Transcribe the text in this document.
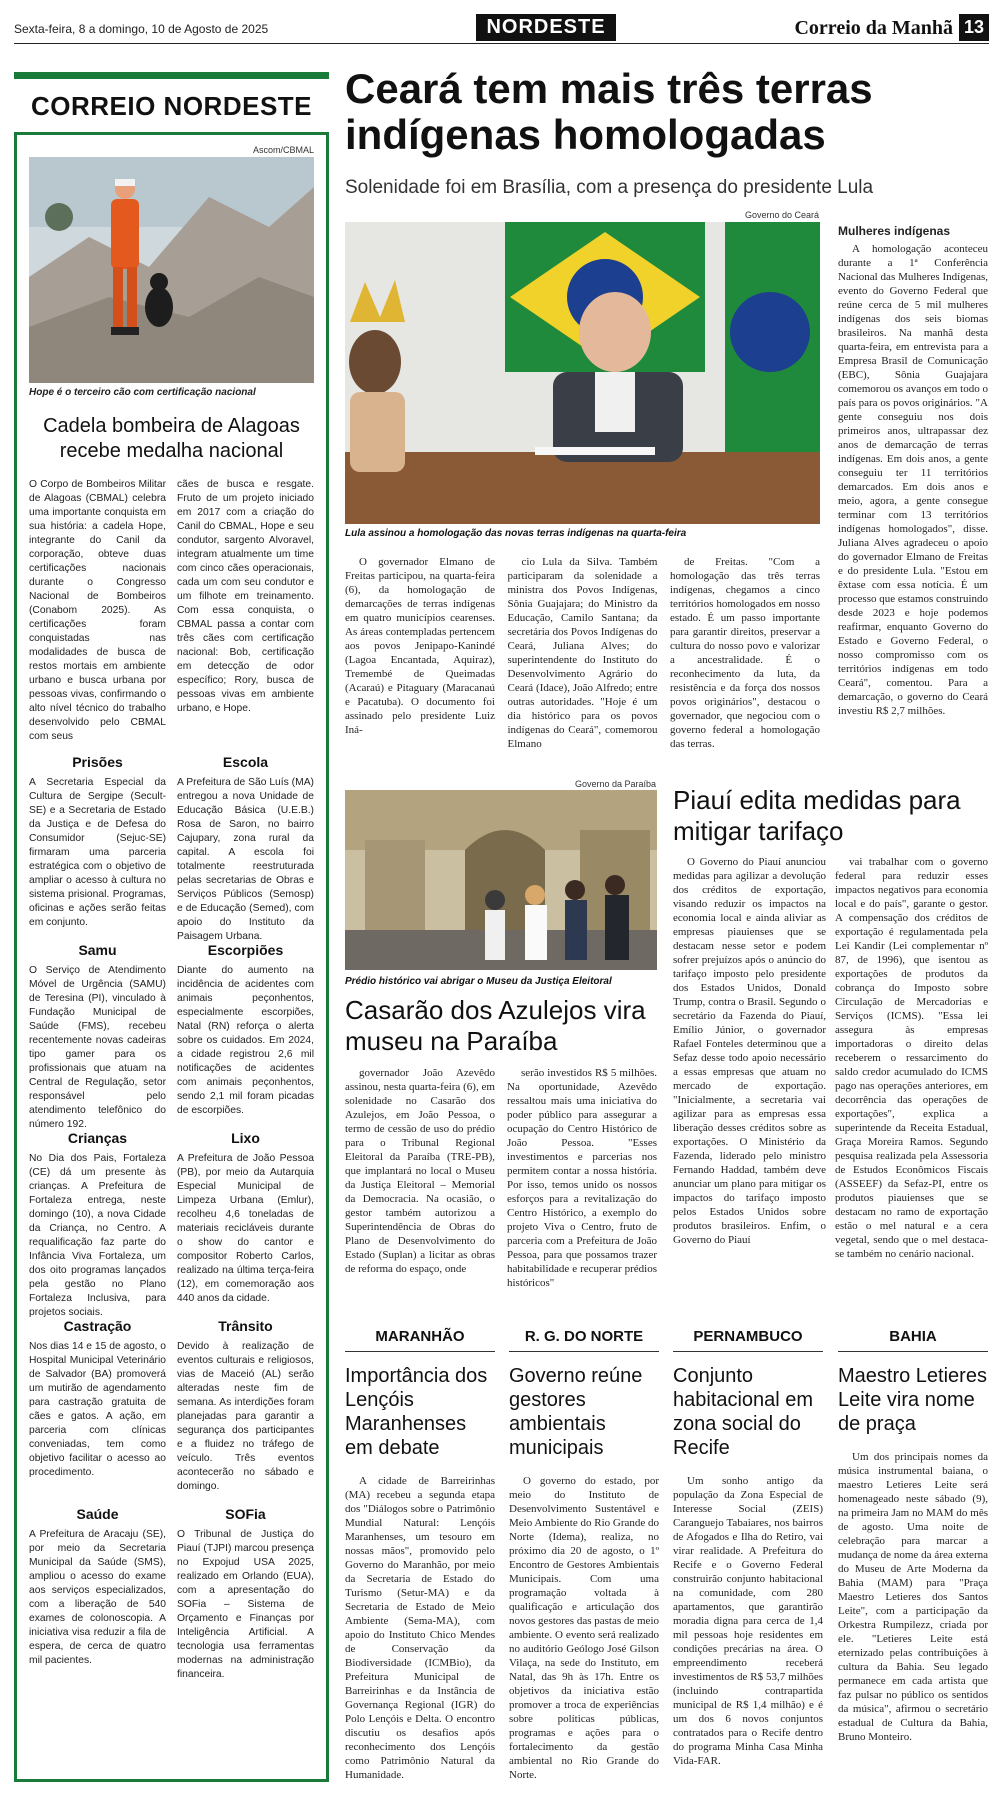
Sexta-feira, 8 a domingo, 10 de Agosto de 2025	NORDESTE	Correio da Manhã 13
CORREIO NORDESTE
Ascom/CBMAL
Hope é o terceiro cão com certificação nacional
Cadela bombeira de Alagoas recebe medalha nacional
O Corpo de Bombeiros Militar de Alagoas (CBMAL) celebra uma importante conquista em sua história: a cadela Hope, integrante do Canil da corporação, obteve duas certificações nacionais durante o Congresso Nacional de Bombeiros (Conabom 2025). As certificações foram conquistadas nas modalidades de busca de restos mortais em ambiente urbano e busca urbana por pessoas vivas, confirmando o alto nível técnico do trabalho desenvolvido pelo CBMAL com seus
cães de busca e resgate. Fruto de um projeto iniciado em 2017 com a criação do Canil do CBMAL, Hope e seu condutor, sargento Alvoravel, integram atualmente um time com cinco cães operacionais, cada um com seu condutor e um filhote em treinamento. Com essa conquista, o CBMAL passa a contar com três cães com certificação nacional: Bob, certificação em detecção de odor específico; Rory, busca de pessoas vivas em ambiente urbano, e Hope.
Prisões
A Secretaria Especial da Cultura de Sergipe (Secult-SE) e a Secretaria de Estado da Justiça e de Defesa do Consumidor (Sejuc-SE) firmaram uma parceria estratégica com o objetivo de ampliar o acesso à cultura no sistema prisional. Programas, oficinas e ações serão feitas em conjunto.
Escola
A Prefeitura de São Luís (MA) entregou a nova Unidade de Educação Básica (U.E.B.) Rosa de Saron, no bairro Cajupary, zona rural da capital. A escola foi totalmente reestruturada pelas secretarias de Obras e Serviços Públicos (Semosp) e de Educação (Semed), com apoio do Instituto da Paisagem Urbana.
Samu
O Serviço de Atendimento Móvel de Urgência (SAMU) de Teresina (PI), vinculado à Fundação Municipal de Saúde (FMS), recebeu recentemente novas cadeiras tipo gamer para os profissionais que atuam na Central de Regulação, setor responsável pelo atendimento telefônico do número 192.
Escorpiões
Diante do aumento na incidência de acidentes com animais peçonhentos, especialmente escorpiões, Natal (RN) reforça o alerta sobre os cuidados. Em 2024, a cidade registrou 2,6 mil notificações de acidentes com animais peçonhentos, sendo 2,1 mil foram picadas de escorpiões.
Crianças
No Dia dos Pais, Fortaleza (CE) dá um presente às crianças. A Prefeitura de Fortaleza entrega, neste domingo (10), a nova Cidade da Criança, no Centro. A requalificação faz parte do Infância Viva Fortaleza, um dos oito programas lançados pela gestão no Plano Fortaleza Inclusiva, para projetos sociais.
Lixo
A Prefeitura de João Pessoa (PB), por meio da Autarquia Especial Municipal de Limpeza Urbana (Emlur), recolheu 4,6 toneladas de materiais recicláveis durante o show do cantor e compositor Roberto Carlos, realizado na última terça-feira (12), em comemoração aos 440 anos da cidade.
Castração
Nos dias 14 e 15 de agosto, o Hospital Municipal Veterinário de Salvador (BA) promoverá um mutirão de agendamento para castração gratuita de cães e gatos. A ação, em parceria com clínicas conveniadas, tem como objetivo facilitar o acesso ao procedimento.
Trânsito
Devido à realização de eventos culturais e religiosos, vias de Maceió (AL) serão alteradas neste fim de semana. As interdições foram planejadas para garantir a segurança dos participantes e a fluidez no tráfego de veículo. Três eventos acontecerão no sábado e domingo.
Saúde
A Prefeitura de Aracaju (SE), por meio da Secretaria Municipal da Saúde (SMS), ampliou o acesso do exame aos serviços especializados, com a liberação de 540 exames de colonoscopia. A iniciativa visa reduzir a fila de espera, de cerca de quatro mil pacientes.
SOFia
O Tribunal de Justiça do Piauí (TJPI) marcou presença no Expojud USA 2025, realizado em Orlando (EUA), com a apresentação do SOFia – Sistema de Orçamento e Finanças por Inteligência Artificial. A tecnologia usa ferramentas modernas na administração financeira.
Ceará tem mais três terras indígenas homologadas
Solenidade foi em Brasília, com a presença do presidente Lula
Governo do Ceará
Lula assinou a homologação das novas terras indígenas na quarta-feira
Mulheres indígenas

A homologação aconteceu durante a 1ª Conferência Nacional das Mulheres Indígenas, evento do Governo Federal que reúne cerca de 5 mil mulheres indígenas dos seis biomas brasileiros. Na manhã desta quarta-feira, em entrevista para a Empresa Brasil de Comunicação (EBC), Sônia Guajajara comemorou os avanços em todo o país para os povos originários. "A gente conseguiu nos dois primeiros anos, ultrapassar dez anos de demarcação de terras indígenas. Em dois anos, a gente conseguiu ter 11 territórios demarcados. Em dois anos e meio, agora, a gente consegue terminar com 13 territórios indígenas homologados", disse. Juliana Alves agradeceu o apoio do governador Elmano de Freitas e do presidente Lula. "Estou em êxtase com essa notícia. É um processo que estamos construindo desde 2023 e hoje podemos reafirmar, enquanto Governo do Estado e Governo Federal, o nosso compromisso com os territórios indígenas em todo Ceará", comentou. Para a demarcação, o governo do Ceará investiu R$ 2,7 milhões.

O governador Elmano de Freitas participou, na quarta-feira (6), da homologação de demarcações de terras indígenas em quatro municípios cearenses. As áreas contempladas pertencem aos povos Jenipapo-Kanindé (Lagoa Encantada, Aquiraz), Tremembé de Queimadas (Acaraú) e Pitaguary (Maracanaú e Pacatuba). O documento foi assinado pelo presidente Luiz Iná-

cio Lula da Silva. Também participaram da solenidade a ministra dos Povos Indígenas, Sônia Guajajara; do Ministro da Educação, Camilo Santana; da secretária dos Povos Indígenas do Ceará, Juliana Alves; do superintendente do Instituto do Desenvolvimento Agrário do Ceará (Idace), João Alfredo; entre outras autoridades. "Hoje é um dia histórico para os povos indígenas do Ceará", comemorou Elmano

de Freitas. "Com a homologação das três terras indígenas, chegamos a cinco territórios homologados em nosso estado. É um passo importante para garantir direitos, preservar a cultura do nosso povo e valorizar a ancestralidade. É o reconhecimento da luta, da resistência e da força dos nossos povos originários", destacou o governador, que negociou com o governo federal a homologação das terras.

Governo da Paraíba
Prédio histórico vai abrigar o Museu da Justiça Eleitoral
Casarão dos Azulejos vira museu na Paraíba

governador João Azevêdo assinou, nesta quarta-feira (6), em solenidade no Casarão dos Azulejos, em João Pessoa, o termo de cessão de uso do prédio para o Tribunal Regional Eleitoral da Paraíba (TRE-PB), que implantará no local o Museu da Justiça Eleitoral – Memorial da Democracia. Na ocasião, o gestor também autorizou a Superintendência de Obras do Plano de Desenvolvimento do Estado (Suplan) a licitar as obras de reforma do espaço, onde

serão investidos R$ 5 milhões. Na oportunidade, Azevêdo ressaltou mais uma iniciativa do poder público para assegurar a ocupação do Centro Histórico de João Pessoa. "Esses investimentos e parcerias nos permitem contar a nossa história. Por isso, temos unido os nossos esforços para a revitalização do Centro Histórico, a exemplo do projeto Viva o Centro, fruto de parceria com a Prefeitura de João Pessoa, para que possamos trazer habitabilidade e recuperar prédios históricos"

Piauí edita medidas para mitigar tarifaço

O Governo do Piauí anunciou medidas para agilizar a devolução dos créditos de exportação, visando reduzir os impactos na economia local e ainda aliviar as empresas piauienses que se destacam nesse setor e podem sofrer prejuízos após o anúncio do tarifaço imposto pelo presidente dos Estados Unidos, Donald Trump, contra o Brasil. Segundo o secretário da Fazenda do Piauí, Emílio Júnior, o governador Rafael Fonteles determinou que a Sefaz desse todo apoio necessário a essas empresas que atuam no mercado de exportação. "Inicialmente, a secretaria vai agilizar para as empresas essa liberação desses créditos sobre as exportações. O Ministério da Fazenda, liderado pelo ministro Fernando Haddad, também deve anunciar um plano para mitigar os impactos do tarifaço imposto pelos Estados Unidos sobre produtos brasileiros. Enfim, o Governo do Piauí

vai trabalhar com o governo federal para reduzir esses impactos negativos para economia local e do país", garante o gestor. A compensação dos créditos de exportação é regulamentada pela Lei Kandir (Lei complementar nº 87, de 1996), que isentou as exportações de produtos da cobrança do Imposto sobre Circulação de Mercadorias e Serviços (ICMS). "Essa lei assegura às empresas importadoras o direito delas receberem o ressarcimento do saldo credor acumulado do ICMS pago nas operações anteriores, em decorrência das operações de exportações", explica a superintende da Receita Estadual, Graça Moreira Ramos. Segundo pesquisa realizada pela Assessoria de Estudos Econômicos Fiscais (ASSEEF) da Sefaz-PI, entre os produtos piauienses que se destacam no ramo de exportação estão o mel natural e a cera vegetal, sendo que o mel destaca-se também no cenário nacional.

MARANHÃO
Importância dos Lençóis Maranhenses em debate

A cidade de Barreirinhas (MA) recebeu a segunda etapa dos "Diálogos sobre o Patrimônio Mundial Natural: Lençóis Maranhenses, um tesouro em nossas mãos", promovido pelo Governo do Maranhão, por meio da Secretaria de Estado do Turismo (Setur-MA) e da Secretaria de Estado de Meio Ambiente (Sema-MA), com apoio do Instituto Chico Mendes de Conservação da Biodiversidade (ICMBio), da Prefeitura Municipal de Barreirinhas e da Instância de Governança Regional (IGR) do Polo Lençóis e Delta. O encontro discutiu os desafios após reconhecimento dos Lençóis como Patrimônio Natural da Humanidade.

R. G. DO NORTE
Governo reúne gestores ambientais municipais

O governo do estado, por meio do Instituto de Desenvolvimento Sustentável e Meio Ambiente do Rio Grande do Norte (Idema), realiza, no próximo dia 20 de agosto, o 1º Encontro de Gestores Ambientais Municipais. Com uma programação voltada à qualificação e articulação dos novos gestores das pastas de meio ambiente. O evento será realizado no auditório Geólogo José Gilson Vilaça, na sede do Instituto, em Natal, das 9h às 17h. Entre os objetivos da iniciativa estão promover a troca de experiências sobre políticas públicas, programas e ações para o fortalecimento da gestão ambiental no Rio Grande do Norte.

PERNAMBUCO
Conjunto habitacional em zona social do Recife

Um sonho antigo da população da Zona Especial de Interesse Social (ZEIS) Caranguejo Tabaiares, nos bairros de Afogados e Ilha do Retiro, vai virar realidade. A Prefeitura do Recife e o Governo Federal construirão conjunto habitacional na comunidade, com 280 apartamentos, que garantirão moradia digna para cerca de 1,4 mil pessoas hoje residentes em condições precárias na área. O empreendimento receberá investimentos de R$ 53,7 milhões (incluindo contrapartida municipal de R$ 1,4 milhão) e é um dos 6 novos conjuntos contratados para o Recife dentro do programa Minha Casa Minha Vida-FAR.

BAHIA
Maestro Letieres Leite vira nome de praça

Um dos principais nomes da música instrumental baiana, o maestro Letieres Leite será homenageado neste sábado (9), na primeira Jam no MAM do mês de agosto. Uma noite de celebração para marcar a mudança de nome da área externa do Museu de Arte Moderna da Bahia (MAM) para "Praça Maestro Letieres dos Santos Leite", com a participação da Orkestra Rumpilezz, criada por ele. "Letieres Leite está eternizado pelas contribuições à cultura da Bahia. Seu legado permanece em cada artista que faz pulsar no público os sentidos da música", afirmou o secretário estadual de Cultura da Bahia, Bruno Monteiro.
